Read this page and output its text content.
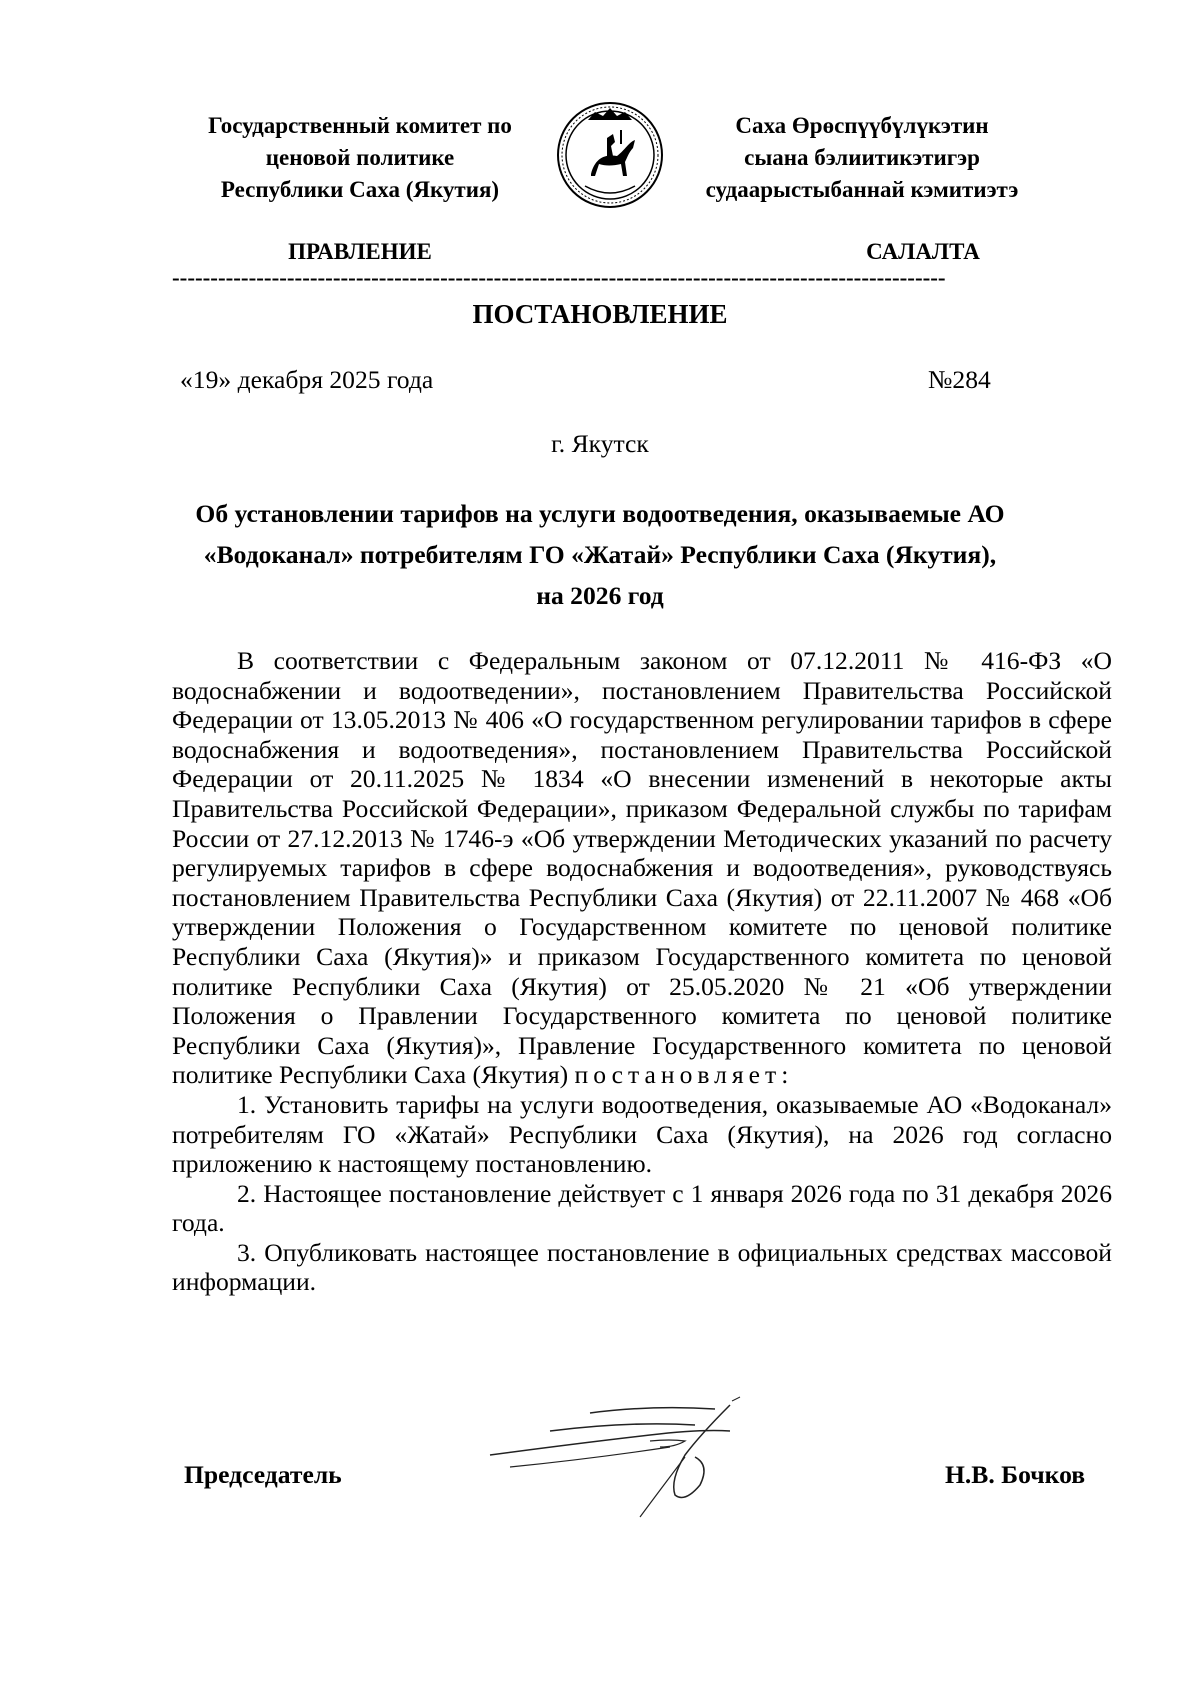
Государственный комитет по
ценовой политике
Республики Саха (Якутия)
Саха Өрөспүүбүлүкэтин
сыана бэлиитикэтигэр
судаарыстыбаннай кэмитиэтэ
ПРАВЛЕНИЕ	САЛАЛТА
-----------------------------------------------------------------------------------------------------
ПОСТАНОВЛЕНИЕ
«19» декабря 2025 года	№284
г. Якутск
Об установлении тарифов на услуги водоотведения, оказываемые АО
«Водоканал» потребителям ГО «Жатай» Республики Саха (Якутия),
на 2026 год

В соответствии с Федеральным законом от 07.12.2011 № 416-ФЗ «О водоснабжении и водоотведении», постановлением Правительства Российской Федерации от 13.05.2013 № 406 «О государственном регулировании тарифов в сфере водоснабжения и водоотведения», постановлением Правительства Российской Федерации от 20.11.2025 № 1834 «О внесении изменений в некоторые акты Правительства Российской Федерации», приказом Федеральной службы по тарифам России от 27.12.2013 № 1746-э «Об утверждении Методических указаний по расчету регулируемых тарифов в сфере водоснабжения и водоотведения», руководствуясь постановлением Правительства Республики Саха (Якутия) от 22.11.2007 № 468 «Об утверждении Положения о Государственном комитете по ценовой политике Республики Саха (Якутия)» и приказом Государственного комитета по ценовой политике Республики Саха (Якутия) от 25.05.2020 № 21 «Об утверждении Положения о Правлении Государственного комитета по ценовой политике Республики Саха (Якутия)», Правление Государственного комитета по ценовой политике Республики Саха (Якутия) постановляет:

1. Установить тарифы на услуги водоотведения, оказываемые АО «Водоканал» потребителям ГО «Жатай» Республики Саха (Якутия), на 2026 год согласно приложению к настоящему постановлению.

2. Настоящее постановление действует с 1 января 2026 года по 31 декабря 2026 года.

3. Опубликовать настоящее постановление в официальных средствах массовой информации.

Председатель	Н.В. Бочков
